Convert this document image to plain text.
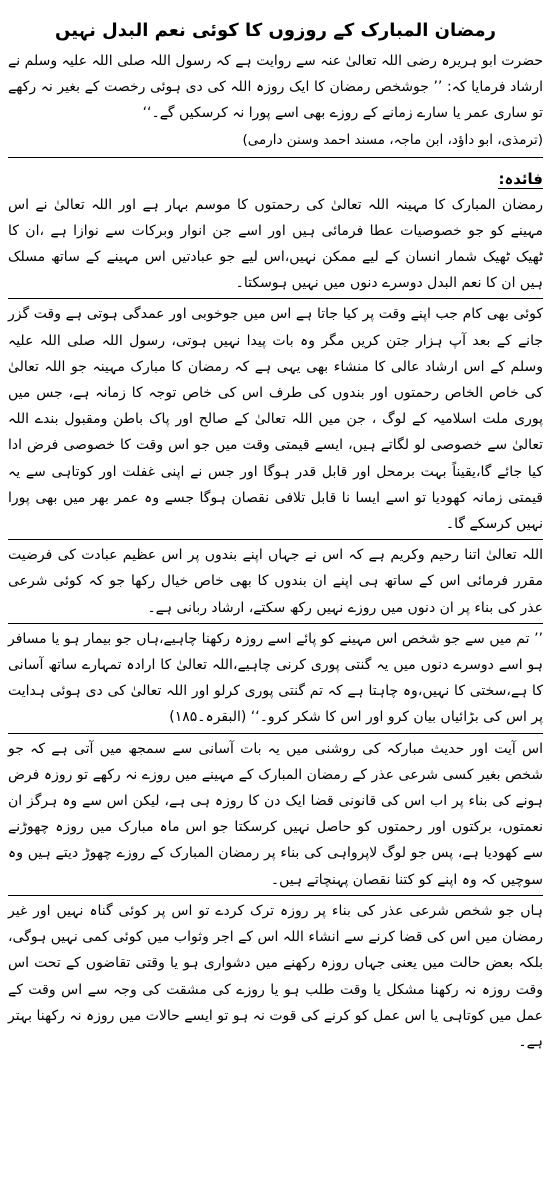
رمضان المبارک کے روزوں کا کوئی نعم البدل نہیں

حضرت ابو ہریرہ رضی اللہ تعالیٰ عنہ سے روایت ہے کہ رسول اللہ صلی اللہ علیہ وسلم نے ارشاد فرمایا کہ: ’’ جوشخص رمضان کا ایک روزہ اللہ کی دی ہوئی رخصت کے بغیر نہ رکھے تو ساری عمر یا سارے زمانے کے روزے بھی اسے پورا نہ کرسکیں گے۔‘‘

(ترمذی، ابو داؤد، ابن ماجہ، مسند احمد وسنن دارمی)

فائدہ:

رمضان المبارک کا مہینہ اللہ تعالیٰ کی رحمتوں کا موسم بہار ہے اور اللہ تعالیٰ نے اس مہینے کو جو خصوصیات عطا فرمائی ہیں اور اسے جن انوار وبرکات سے نوازا ہے ،ان کا ٹھیک ٹھیک شمار انسان کے لیے ممکن نہیں،اس لیے جو عبادتیں اس مہینے کے ساتھ مسلک ہیں ان کا نعم البدل دوسرے دنوں میں نہیں ہوسکتا۔

کوئی بھی کام جب اپنے وقت پر کیا جاتا ہے اس میں جوخوبی اور عمدگی ہوتی ہے وقت گزر جانے کے بعد آپ ہزار جتن کریں مگر وہ بات پیدا نہیں ہوتی، رسول اللہ صلی اللہ علیہ وسلم کے اس ارشاد عالی کا منشاء بھی یہی ہے کہ رمضان کا مبارک مہینہ جو اللہ تعالیٰ کی خاص الخاص رحمتوں اور بندوں کی طرف اس کی خاص توجہ کا زمانہ ہے، جس میں پوری ملت اسلامیہ کے لوگ ، جن میں اللہ تعالیٰ کے صالح اور پاک باطن ومقبول بندے اللہ تعالیٰ سے خصوصی لو لگاتے ہیں، ایسے قیمتی وقت میں جو اس وقت کا خصوصی فرض ادا کیا جائے گا،یقیناً بہت برمحل اور قابل قدر ہوگا اور جس نے اپنی غفلت اور کوتاہی سے یہ قیمتی زمانہ کھودیا تو اسے ایسا نا قابل تلافی نقصان ہوگا جسے وہ عمر بھر میں بھی پورا نہیں کرسکے گا۔

اللہ تعالیٰ اتنا رحیم وکریم ہے کہ اس نے جہاں اپنے بندوں پر اس عظیم عبادت کی فرضیت مقرر فرمائی اس کے ساتھ ہی اپنے ان بندوں کا بھی خاص خیال رکھا جو کہ کوئی شرعی عذر کی بناء پر ان دنوں میں روزے نہیں رکھ سکتے، ارشاد ربانی ہے۔

’’ تم میں سے جو شخص اس مہینے کو پائے اسے روزہ رکھنا چاہیے،ہاں جو بیمار ہو یا مسافر ہو اسے دوسرے دنوں میں یہ گنتی پوری کرنی چاہیے،اللہ تعالیٰ کا ارادہ تمہارے ساتھ آسانی کا ہے،سختی کا نہیں،وہ چاہتا ہے کہ تم گنتی پوری کرلو اور اللہ تعالیٰ کی دی ہوئی ہدایت پر اس کی بڑائیاں بیان کرو اور اس کا شکر کرو۔‘‘ (البقرہ۔۱۸۵)

اس آیت اور حدیث مبارکہ کی روشنی میں یہ بات آسانی سے سمجھ میں آتی ہے کہ جو شخص بغیر کسی شرعی عذر کے رمضان المبارک کے مہینے میں روزے نہ رکھے تو روزہ فرض ہونے کی بناء پر اب اس کی قانونی قضا ایک دن کا روزہ ہی ہے، لیکن اس سے وہ ہرگز ان نعمتوں، برکتوں اور رحمتوں کو حاصل نہیں کرسکتا جو اس ماہ مبارک میں روزہ چھوڑنے سے کھودیا ہے، پس جو لوگ لاپرواہی کی بناء پر رمضان المبارک کے روزے چھوڑ دیتے ہیں وہ سوچیں کہ وہ اپنے کو کتنا نقصان پہنچاتے ہیں۔

ہاں جو شخص شرعی عذر کی بناء پر روزہ ترک کردے تو اس پر کوئی گناہ نہیں اور غیر رمضان میں اس کی قضا کرنے سے انشاء اللہ اس کے اجر وثواب میں کوئی کمی نہیں ہوگی، بلکہ بعض حالت میں یعنی جہاں روزہ رکھنے میں دشواری ہو یا وقتی تقاضوں کے تحت اس وقت روزہ نہ رکھنا مشکل یا وقت طلب ہو یا روزے کی مشقت کی وجہ سے اس وقت کے عمل میں کوتاہی یا اس عمل کو کرنے کی قوت نہ ہو تو ایسے حالات میں روزہ نہ رکھنا بہتر ہے۔
